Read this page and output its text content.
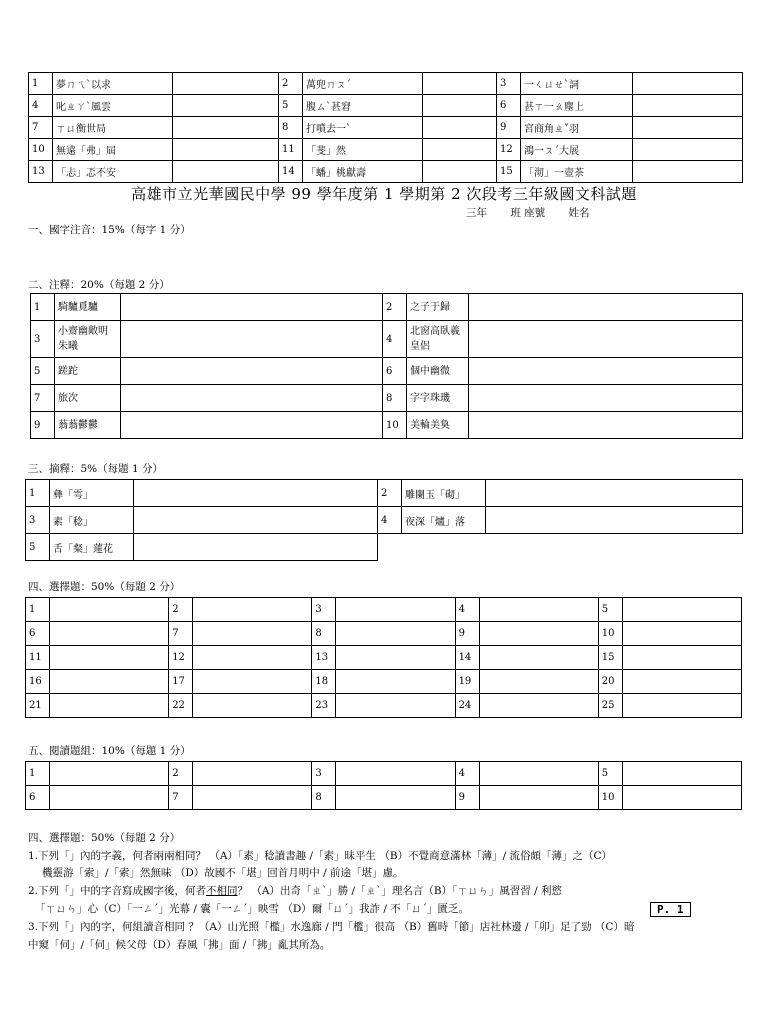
1	夢ㄇㄟˋ以求		2	萬兜ㄇㄡˊ		3	一ㄑㄩㄝˋ詞	
4	叱ㄓㄚˋ風雲		5	腹ㄙˋ甚窘		6	甚ㄒ一ㄠ塵上	
7	ㄒㄩ衡世局		8	打噴去一ˋ		9	宮商角ㄓˇ羽	
10	無遠「弗」屆		11	「斐」然		12	鴻一ㄡˊ大展	
13	「忐」忑不安		14	「蟠」桃獻壽		15	「沏」一壺茶	
高雄市立光華國民中學 99 學年度第 1 學期第 2 次段考三年級國文科試題
三年 班 座號 姓名
一、國字注音：15%（每字 1 分）
二、注釋：20%（每題 2 分）
1	騎驢覓驢		2	之子于歸	
3	小齋幽敞明朱曦		4	北窗高臥羲皇侶	
5	蹉跎		6	個中幽微	
7	旅次		8	字字珠璣	
9	蓊蓊鬱鬱		10	美輪美奐	
三、摘釋：5%（每題 1 分）
1	彝「雩」		2	雕闌玉「砌」	
3	素「稔」		4	夜深「爐」落	
5	舌「粲」蓮花				
四、選擇題：50%（每題 2 分）
1		2		3		4		5	
6		7		8		9		10	
11		12		13		14		15	
16		17		18		19		20	
21		22		23		24		25	
五、閱讀題組：10%（每題 1 分）
1		2		3		4		5	
6		7		8		9		10	
四、選擇題：50%（每題 2 分）
1.下列「」內的字義，何者兩兩相同？ （A）「素」稔讀書趣 /「素」昧平生 （B）不覺商意滿林「薄」/ 流俗頗「薄」之（C）
機靈游「索」/「索」然無味 （D）故國不「堪」回首月明中 / 前途「堪」慮。
2.下列「」中的字音寫成國字後，何者不相同？ （A）出奇「ㄓˋ」勝 /「ㄓˋ」理名言（B）「ㄒㄩㄣ」風習習 / 利慾
「ㄒㄩㄣ」心（C）「一ㄥˊ」光幕 / 囊「一ㄥˊ」映雪 （D）爾「ㄩˊ」我詐 / 不「ㄩˊ」匱乏。	P. 1
3.下列「」內的字，何組讀音相同 ？（A）山光照「檻」水逸廊 / 門「檻」很高 （B）舊時「節」店社林邊 /「卯」足了勁 （C）暗
中窺「伺」/「伺」候父母（D）春風「拂」面 /「拂」亂其所為。
